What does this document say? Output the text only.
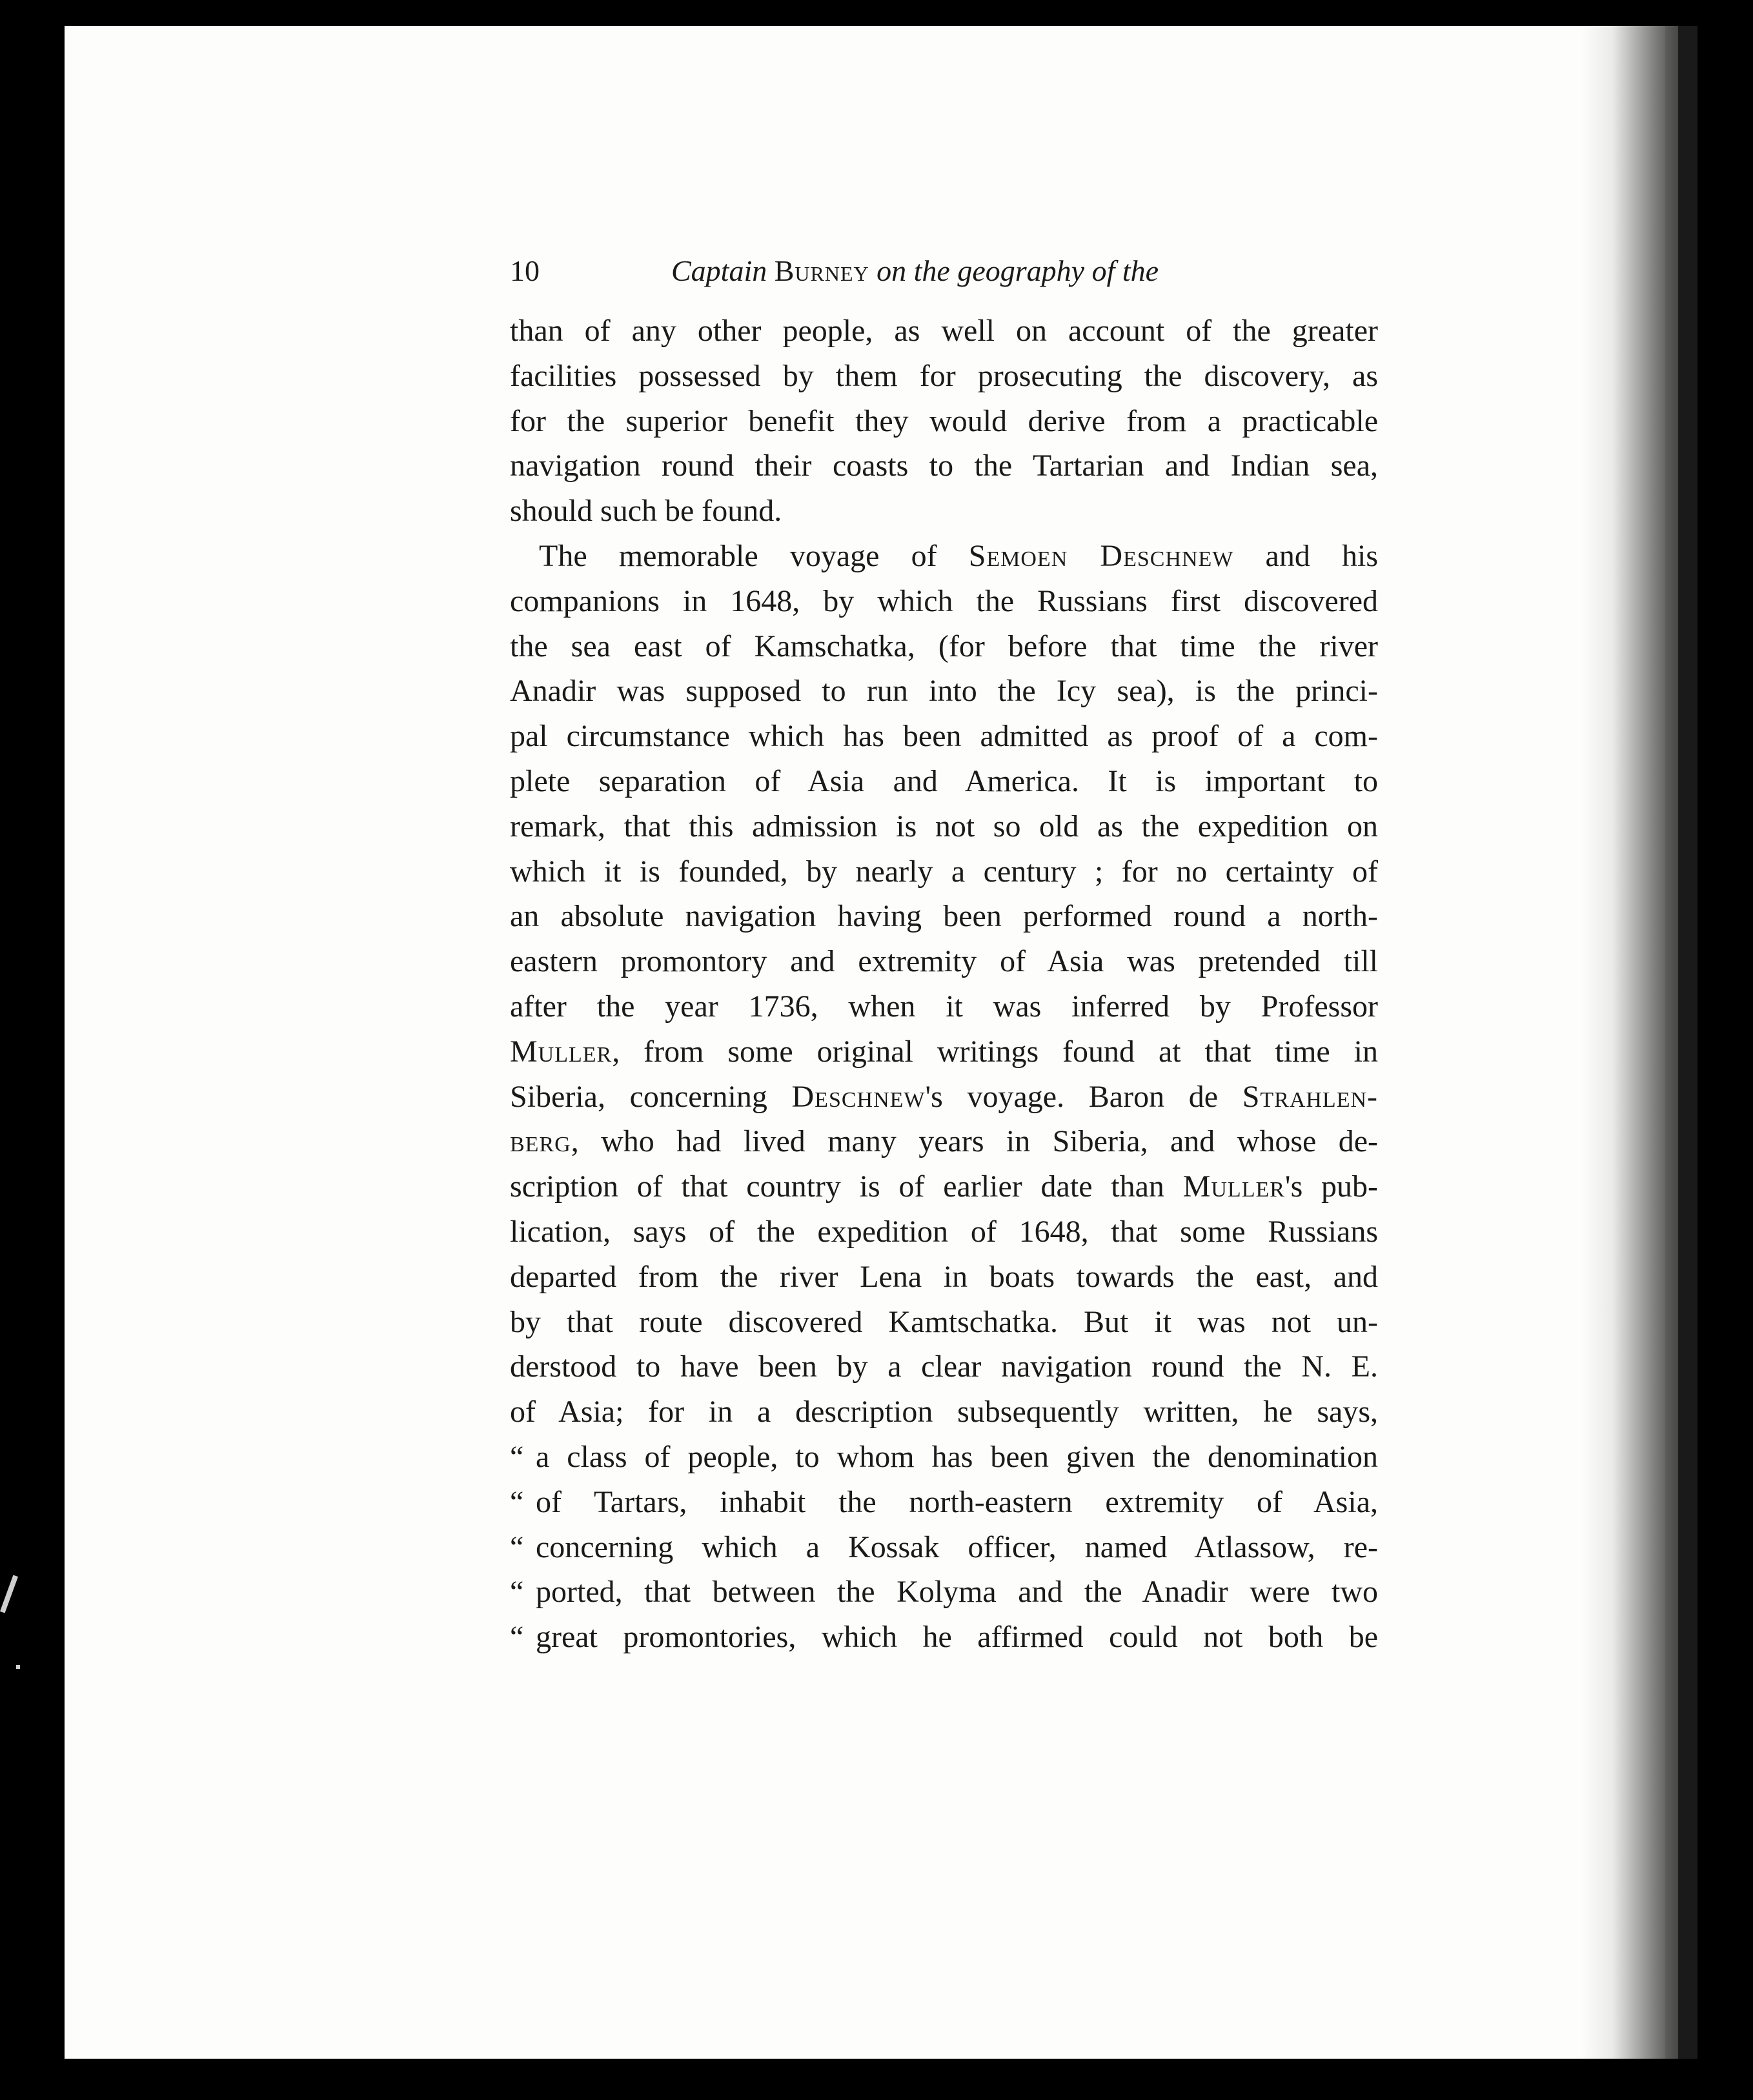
10	Captain Burney on the geography of the
than of any other people, as well on account of the greater
facilities possessed by them for prosecuting the discovery, as
for the superior benefit they would derive from a practicable
navigation round their coasts to the Tartarian and Indian sea,
should such be found.
The memorable voyage of Semoen Deschnew and his
companions in 1648, by which the Russians first discovered
the sea east of Kamschatka, (for before that time the river
Anadir was supposed to run into the Icy sea), is the princi-
pal circumstance which has been admitted as proof of a com-
plete separation of Asia and America. It is important to
remark, that this admission is not so old as the expedition on
which it is founded, by nearly a century ; for no certainty of
an absolute navigation having been performed round a north-
eastern promontory and extremity of Asia was pretended till
after the year 1736, when it was inferred by Professor
Muller, from some original writings found at that time in
Siberia, concerning Deschnew's voyage. Baron de Strahlen-
berg, who had lived many years in Siberia, and whose de-
scription of that country is of earlier date than Muller's pub-
lication, says of the expedition of 1648, that some Russians
departed from the river Lena in boats towards the east, and
by that route discovered Kamtschatka. But it was not un-
derstood to have been by a clear navigation round the N. E.
of Asia; for in a description subsequently written, he says,
“ a class of people, to whom has been given the denomination
“ of Tartars, inhabit the north-eastern extremity of Asia,
“ concerning which a Kossak officer, named Atlassow, re-
“ ported, that between the Kolyma and the Anadir were two
“ great promontories, which he affirmed could not both be
